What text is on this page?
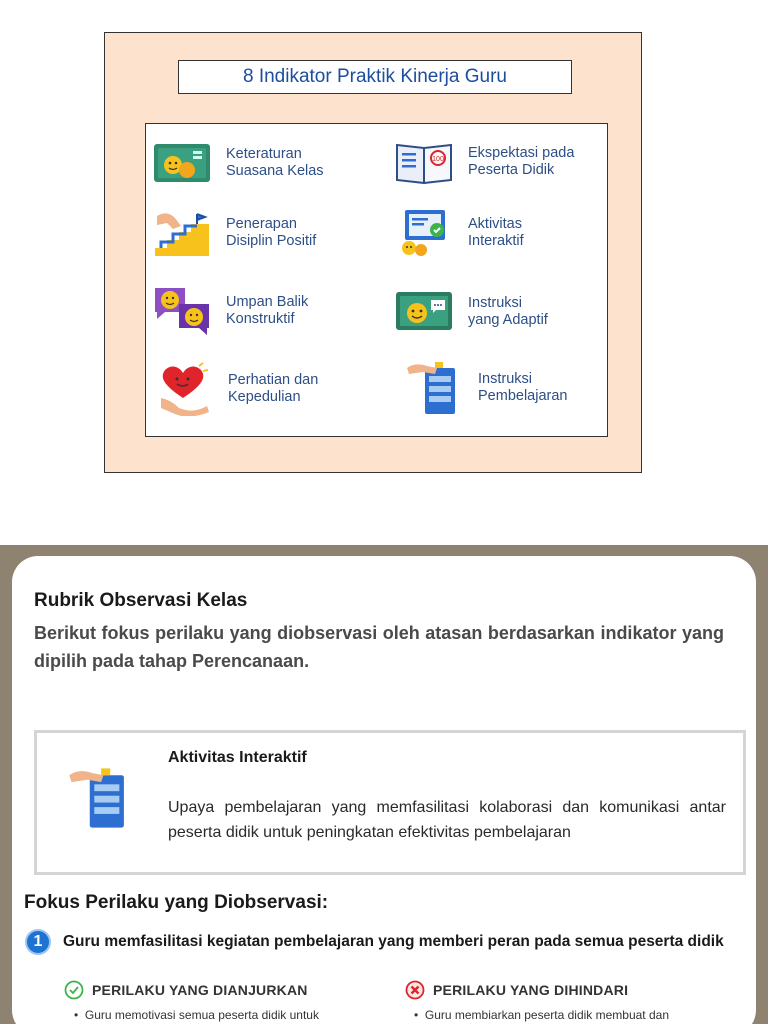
8 Indikator Praktik Kinerja Guru
Keteraturan
Suasana Kelas
100 Ekspektasi pada
Peserta Didik
Penerapan
Disiplin Positif
Aktivitas
Interaktif
Umpan Balik
Konstruktif
Instruksi
yang Adaptif
Perhatian dan
Kepedulian
Instruksi
Pembelajaran
Rubrik Observasi Kelas
Berikut fokus perilaku yang diobservasi oleh atasan berdasarkan indikator yang dipilih pada tahap Perencanaan.
Aktivitas Interaktif
Upaya pembelajaran yang memfasilitasi kolaborasi dan komunikasi antar peserta didik untuk peningkatan efektivitas pembelajaran
Fokus Perilaku yang Diobservasi:
1	Guru memfasilitasi kegiatan pembelajaran yang memberi peran pada semua peserta didik
PERILAKU YANG DIANJURKAN	PERILAKU YANG DIHINDARI
•  Guru memotivasi semua peserta didik untuk	•  Guru membiarkan peserta didik membuat dan
